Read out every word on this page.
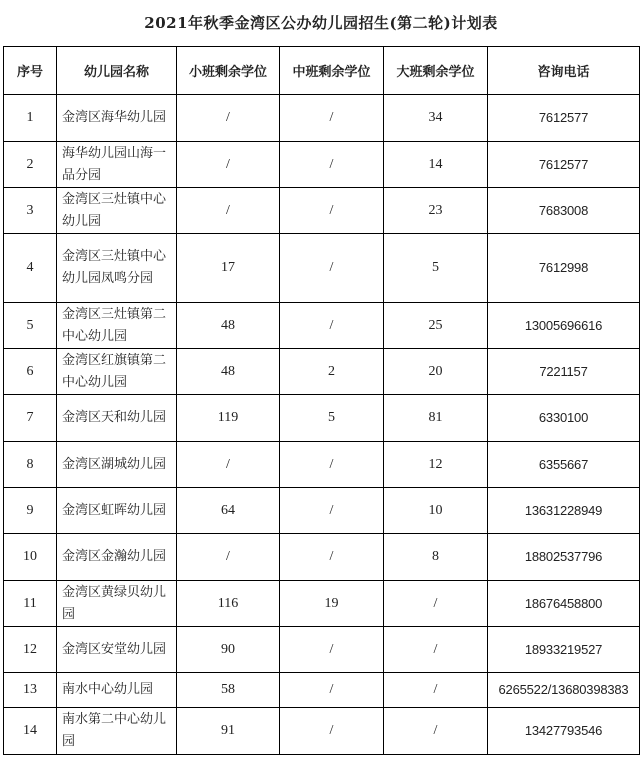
2021年秋季金湾区公办幼儿园招生(第二轮)计划表
序号	幼儿园名称	小班剩余学位	中班剩余学位	大班剩余学位	咨询电话
1	金湾区海华幼儿园	/	/	34	7612577
2	海华幼儿园山海一品分园	/	/	14	7612577
3	金湾区三灶镇中心幼儿园	/	/	23	7683008
4	金湾区三灶镇中心幼儿园凤鸣分园	17	/	5	7612998
5	金湾区三灶镇第二中心幼儿园	48	/	25	13005696616
6	金湾区红旗镇第二中心幼儿园	48	2	20	7221157
7	金湾区天和幼儿园	119	5	81	6330100
8	金湾区湖城幼儿园	/	/	12	6355667
9	金湾区虹晖幼儿园	64	/	10	13631228949
10	金湾区金瀚幼儿园	/	/	8	18802537796
11	金湾区黄绿贝幼儿园	116	19	/	18676458800
12	金湾区安堂幼儿园	90	/	/	18933219527
13	南水中心幼儿园	58	/	/	6265522/13680398383
14	南水第二中心幼儿园	91	/	/	13427793546
